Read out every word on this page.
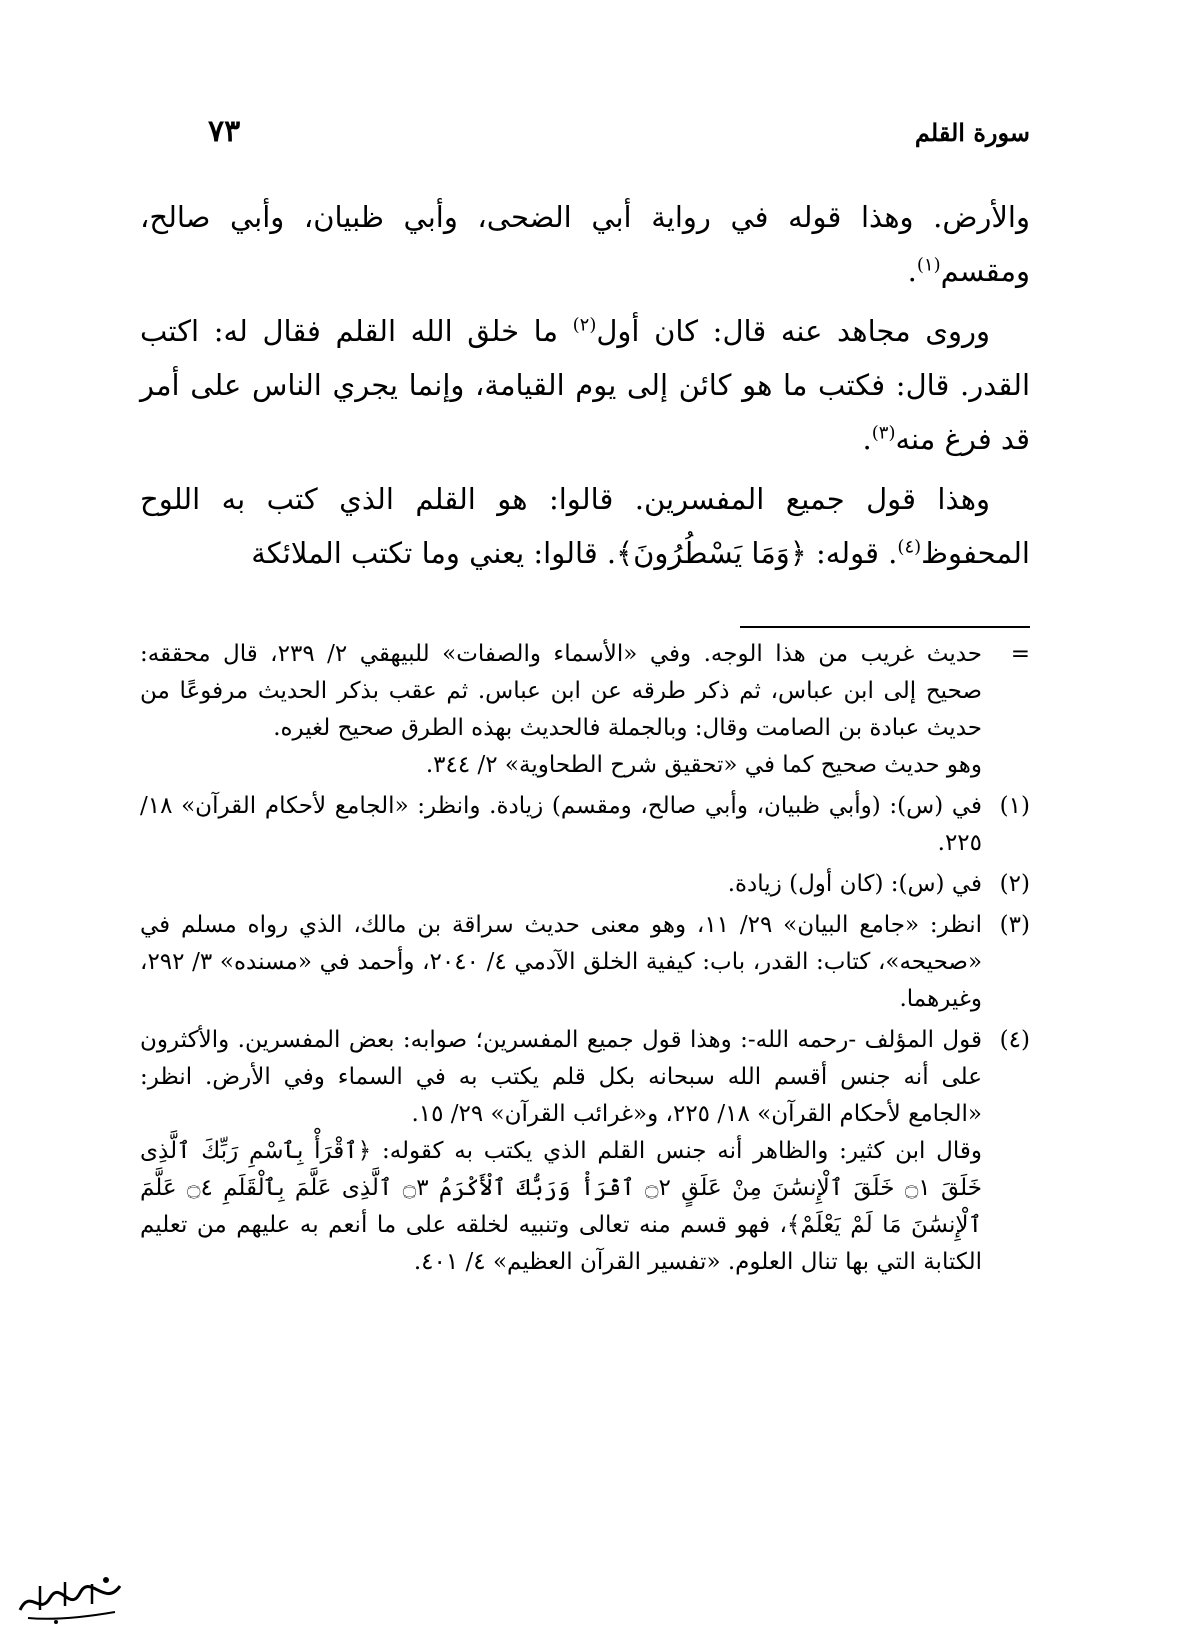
سورة القلم
٧٣

والأرض. وهذا قوله في رواية أبي الضحى، وأبي ظبيان، وأبي صالح، ومقسم$^{(١)}$.

وروى مجاهد عنه قال: كان أول$^{(٢)}$ ما خلق الله القلم فقال له: اكتب القدر. قال: فكتب ما هو كائن إلى يوم القيامة، وإنما يجري الناس على أمر قد فرغ منه$^{(٣)}$.

وهذا قول جميع المفسرين. قالوا: هو القلم الذي كتب به اللوح المحفوظ$^{(٤)}$. قوله: ﴿وَمَا يَسْطُرُونَ﴾. قالوا: يعني وما تكتب الملائكة

=

حديث غريب من هذا الوجه. وفي «الأسماء والصفات» للبيهقي ٢/ ٢٣٩، قال محققه: صحيح إلى ابن عباس، ثم ذكر طرقه عن ابن عباس. ثم عقب بذكر الحديث مرفوعًا من حديث عبادة بن الصامت وقال: وبالجملة فالحديث بهذه الطرق صحيح لغيره.

وهو حديث صحيح كما في «تحقيق شرح الطحاوية» ٢/ ٣٤٤.

(١)

في (س): (وأبي ظبيان، وأبي صالح، ومقسم) زيادة. وانظر: «الجامع لأحكام القرآن» ١٨/ ٢٢٥.

(٢)

في (س): (كان أول) زيادة.

(٣)

انظر: «جامع البيان» ٢٩/ ١١، وهو معنى حديث سراقة بن مالك، الذي رواه مسلم في «صحيحه»، كتاب: القدر، باب: كيفية الخلق الآدمي ٤/ ٢٠٤٠، وأحمد في «مسنده» ٣/ ٢٩٢، وغيرهما.

(٤)

قول المؤلف -رحمه الله-: وهذا قول جميع المفسرين؛ صوابه: بعض المفسرين. والأكثرون على أنه جنس أقسم الله سبحانه بكل قلم يكتب به في السماء وفي الأرض. انظر: «الجامع لأحكام القرآن» ١٨/ ٢٢٥، و«غرائب القرآن» ٢٩/ ١٥.

وقال ابن كثير: والظاهر أنه جنس القلم الذي يكتب به كقوله: ﴿ٱقْرَأْ بِٱسْمِ رَبِّكَ ٱلَّذِى خَلَقَ ۝١ خَلَقَ ٱلْإِنسَٰنَ مِنْ عَلَقٍ ۝٢ ٱقْرَأْ وَرَبُّكَ ٱلْأَكْرَمُ ۝٣ ٱلَّذِى عَلَّمَ بِٱلْقَلَمِ ۝٤ عَلَّمَ ٱلْإِنسَٰنَ مَا لَمْ يَعْلَمْ﴾، فهو قسم منه تعالى وتنبيه لخلقه على ما أنعم به عليهم من تعليم الكتابة التي بها تنال العلوم. «تفسير القرآن العظيم» ٤/ ٤٠١.
